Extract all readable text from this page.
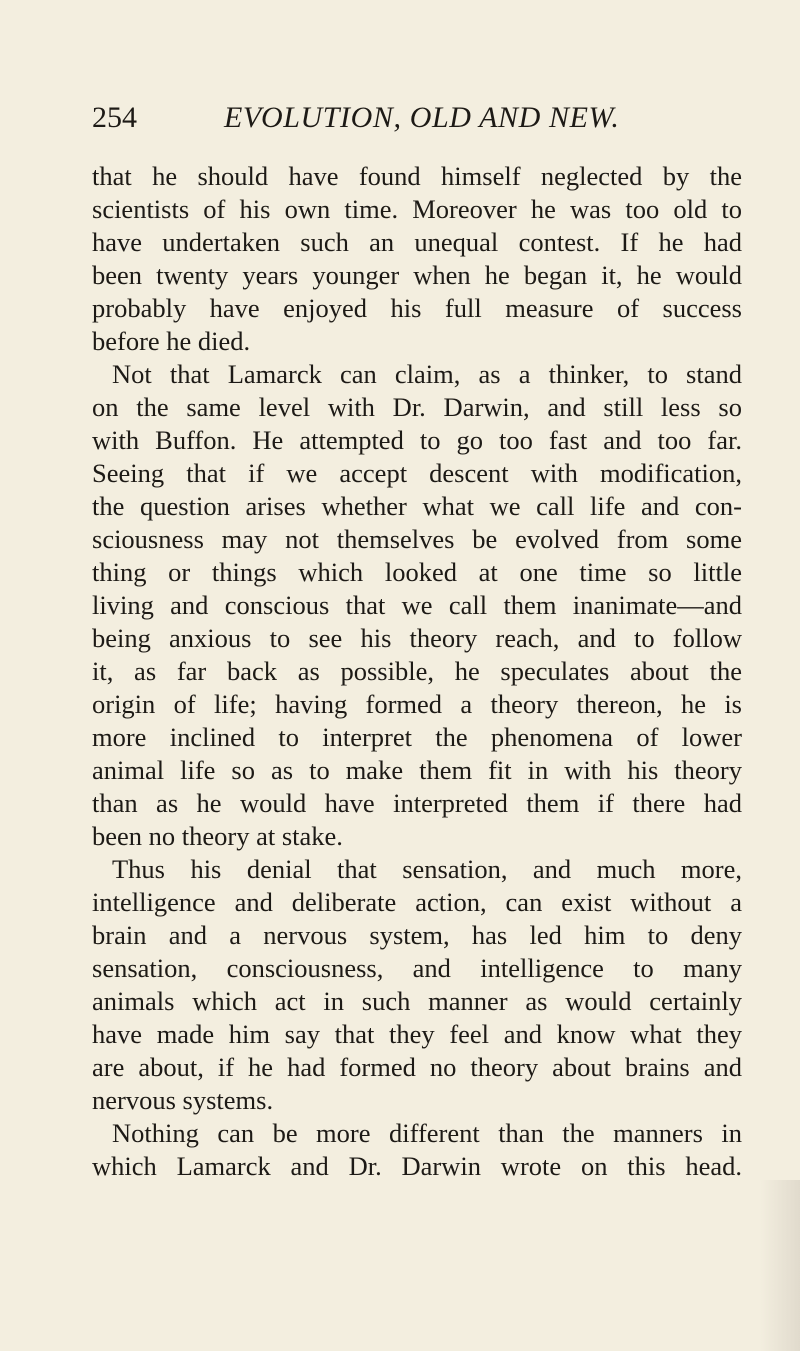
254	EVOLUTION, OLD AND NEW.
that he should have found himself neglected by the
scientists of his own time. Moreover he was too old to
have undertaken such an unequal contest. If he had
been twenty years younger when he began it, he would
probably have enjoyed his full measure of success
before he died.
Not that Lamarck can claim, as a thinker, to stand
on the same level with Dr. Darwin, and still less so
with Buffon. He attempted to go too fast and too far.
Seeing that if we accept descent with modification,
the question arises whether what we call life and con-
sciousness may not themselves be evolved from some
thing or things which looked at one time so little
living and conscious that we call them inanimate—and
being anxious to see his theory reach, and to follow
it, as far back as possible, he speculates about the
origin of life; having formed a theory thereon, he is
more inclined to interpret the phenomena of lower
animal life so as to make them fit in with his theory
than as he would have interpreted them if there had
been no theory at stake.
Thus his denial that sensation, and much more,
intelligence and deliberate action, can exist without a
brain and a nervous system, has led him to deny
sensation, consciousness, and intelligence to many
animals which act in such manner as would certainly
have made him say that they feel and know what they
are about, if he had formed no theory about brains and
nervous systems.
Nothing can be more different than the manners in
which Lamarck and Dr. Darwin wrote on this head.
